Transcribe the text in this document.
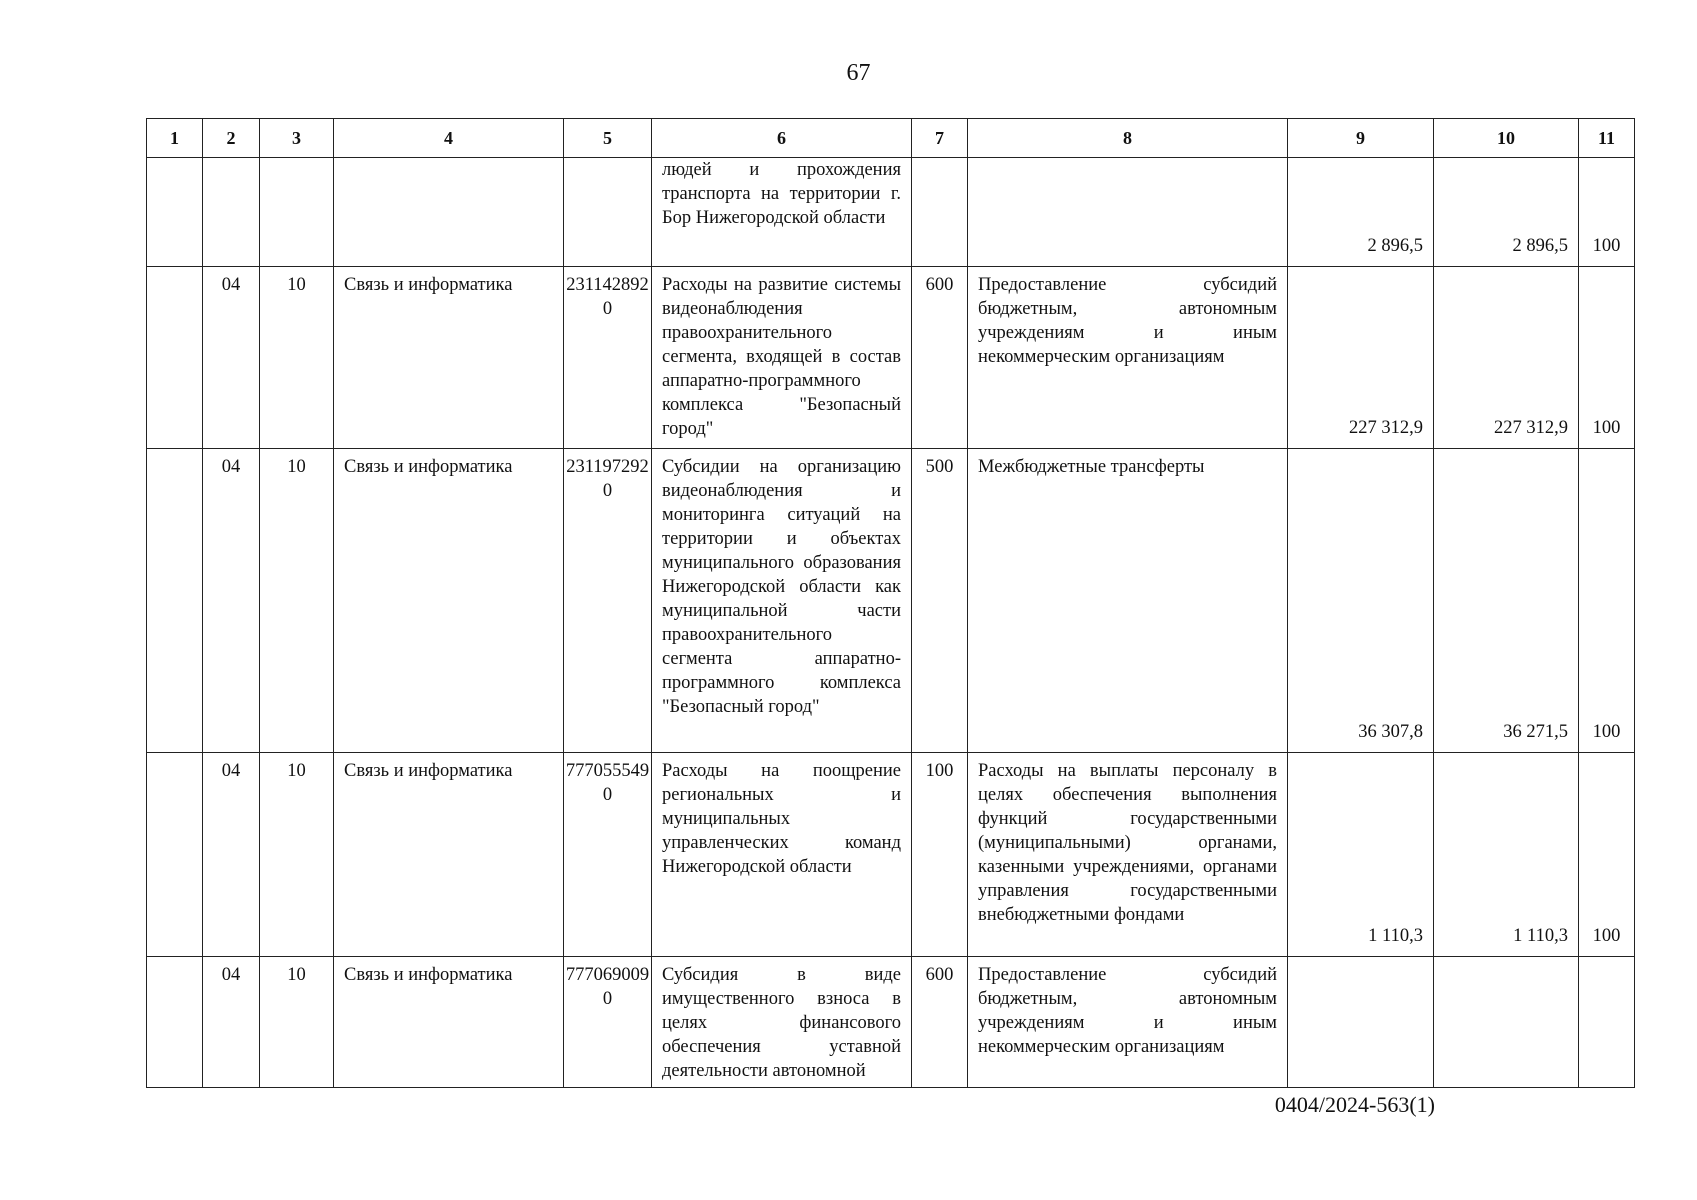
67
1	2	3	4	5	6	7	8	9	10	11
					людей и прохождения транспорта на территории г. Бор Нижегородской области			2 896,5	2 896,5	100
	04	10	Связь и информатика	2311428920	Расходы на развитие системы видеонаблюдения правоохранительного сегмента, входящей в состав аппаратно-программного комплекса "Безопасный город"	600	Предоставление субсидий бюджетным, автономным учреждениям и иным некоммерческим организациям	227 312,9	227 312,9	100
	04	10	Связь и информатика	2311972920	Субсидии на организацию видеонаблюдения и мониторинга ситуаций на территории и объектах муниципального образования Нижегородской области как муниципальной части правоохранительного сегмента аппаратно-программного комплекса "Безопасный город"	500	Межбюджетные трансферты	36 307,8	36 271,5	100
	04	10	Связь и информатика	7770555490	Расходы на поощрение региональных и муниципальных управленческих команд Нижегородской области	100	Расходы на выплаты персоналу в целях обеспечения выполнения функций государственными (муниципальными) органами, казенными учреждениями, органами управления государственными внебюджетными фондами	1 110,3	1 110,3	100
	04	10	Связь и информатика	7770690090	Субсидия в виде имущественного взноса в целях финансового обеспечения уставной деятельности автономной	600	Предоставление субсидий бюджетным, автономным учреждениям и иным некоммерческим организациям			
0404/2024-563(1)
